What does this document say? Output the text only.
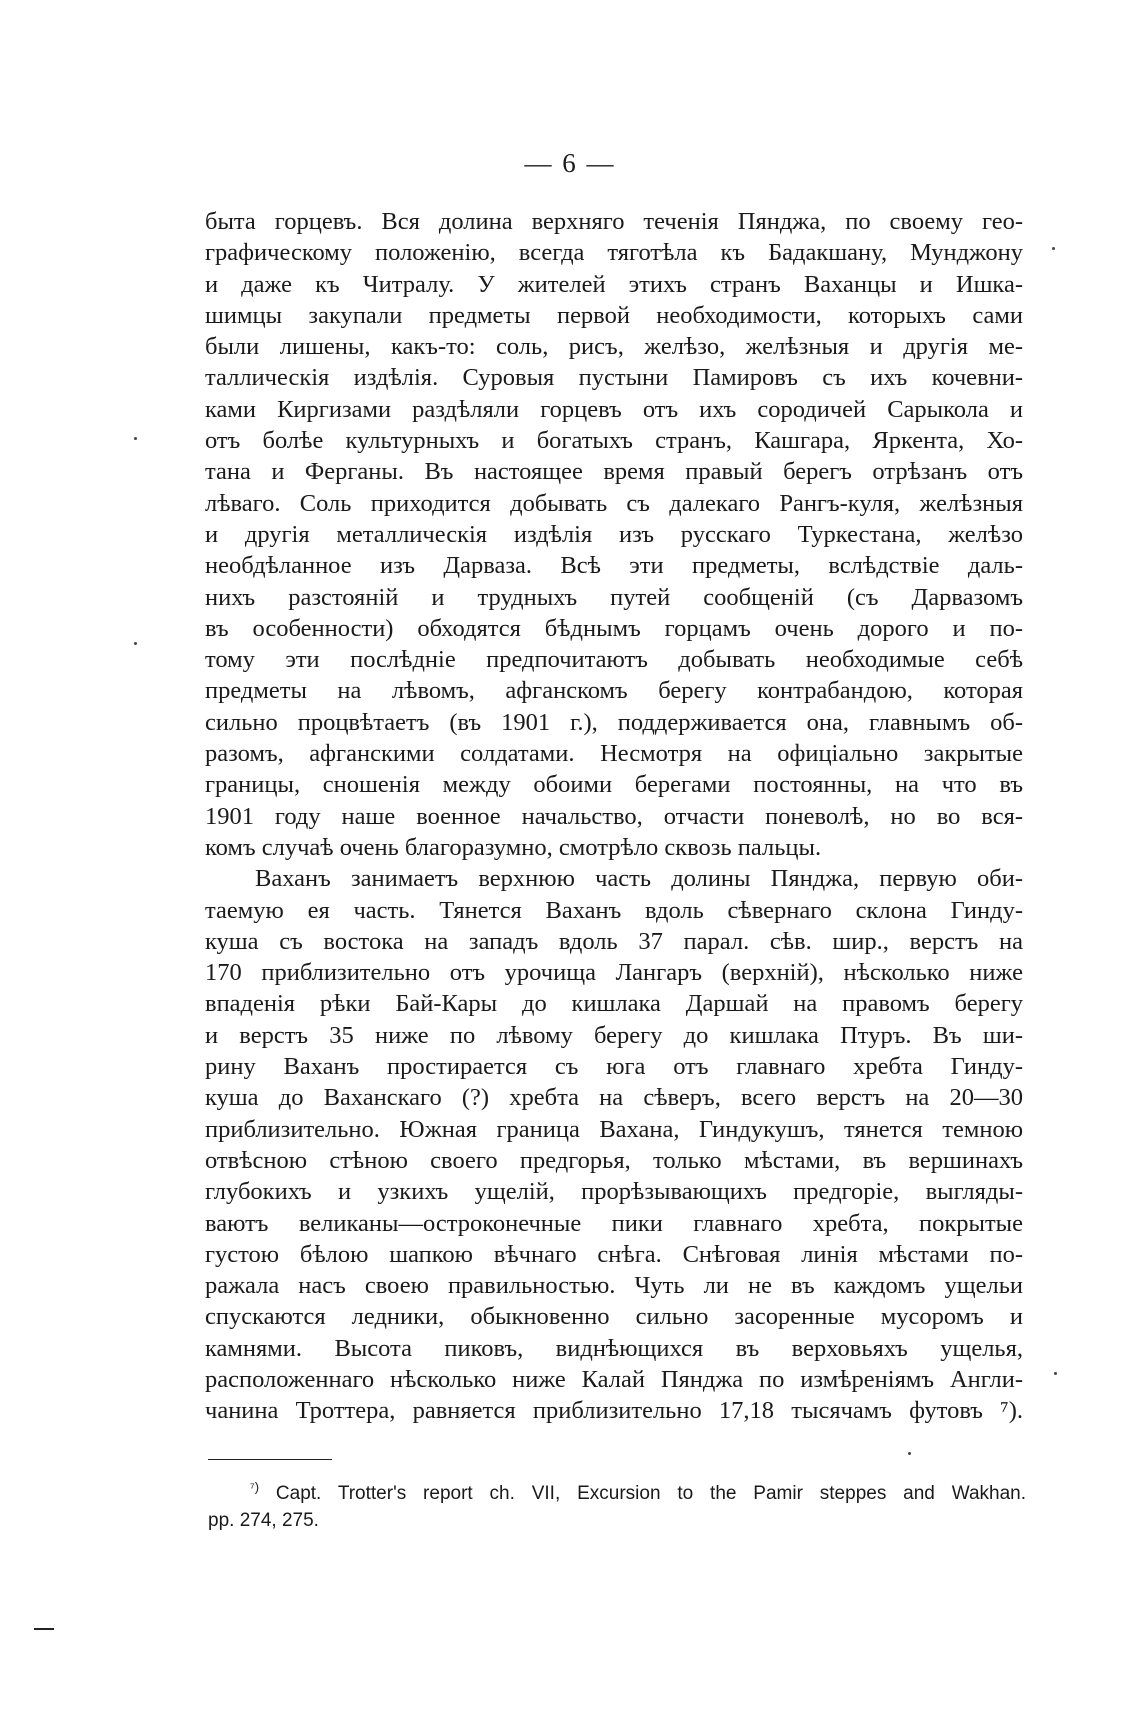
— 6 —
быта горцевъ. Вся долина верхняго теченія Пянджа, по своему гео-
графическому положенію, всегда тяготѣла къ Бадакшану, Мунджону
и даже къ Читралу. У жителей этихъ странъ Ваханцы и Ишка-
шимцы закупали предметы первой необходимости, которыхъ сами
были лишены, какъ-то: соль, рисъ, желѣзо, желѣзныя и другія ме-
таллическія издѣлія. Суровыя пустыни Памировъ съ ихъ кочевни-
ками Киргизами раздѣляли горцевъ отъ ихъ сородичей Сарыкола и
отъ болѣе культурныхъ и богатыхъ странъ, Кашгара, Яркента, Хо-
тана и Ферганы. Въ настоящее время правый берегъ отрѣзанъ отъ
лѣваго. Соль приходится добывать съ далекаго Рангъ-куля, желѣзныя
и другія металлическія издѣлія изъ русскаго Туркестана, желѣзо
необдѣланное изъ Дарваза. Всѣ эти предметы, вслѣдствіе даль-
нихъ разстояній и трудныхъ путей сообщеній (съ Дарвазомъ
въ особенности) обходятся бѣднымъ горцамъ очень дорого и по-
тому эти послѣдніе предпочитаютъ добывать необходимые себѣ
предметы на лѣвомъ, афганскомъ берегу контрабандою, которая
сильно процвѣтаетъ (въ 1901 г.), поддерживается она, главнымъ об-
разомъ, афганскими солдатами. Несмотря на офиціально закрытые
границы, сношенія между обоими берегами постоянны, на что въ
1901 году наше военное начальство, отчасти поневолѣ, но во вся-
комъ случаѣ очень благоразумно, смотрѣло сквозь пальцы.
Ваханъ занимаетъ верхнюю часть долины Пянджа, первую оби-
таемую ея часть. Тянется Ваханъ вдоль сѣвернаго склона Гинду-
куша съ востока на западъ вдоль 37 парал. сѣв. шир., верстъ на
170 приблизительно отъ урочища Лангаръ (верхній), нѣсколько ниже
впаденія рѣки Бай-Кары до кишлака Даршай на правомъ берегу
и верстъ 35 ниже по лѣвому берегу до кишлака Птуръ. Въ ши-
рину Ваханъ простирается съ юга отъ главнаго хребта Гинду-
куша до Ваханскаго (?) хребта на сѣверъ, всего верстъ на 20—30
приблизительно. Южная граница Вахана, Гиндукушъ, тянется темною
отвѣсною стѣною своего предгорья, только мѣстами, въ вершинахъ
глубокихъ и узкихъ ущелій, прорѣзывающихъ предгоріе, выгляды-
ваютъ великаны—остроконечные пики главнаго хребта, покрытые
густою бѣлою шапкою вѣчнаго снѣга. Снѣговая линія мѣстами по-
ражала насъ своею правильностью. Чуть ли не въ каждомъ ущельи
спускаются ледники, обыкновенно сильно засоренные мусоромъ и
камнями. Высота пиковъ, виднѣющихся въ верховьяхъ ущелья,
расположеннаго нѣсколько ниже Калай Пянджа по измѣреніямъ Англи-
чанина Троттера, равняется приблизительно 17,18 тысячамъ футовъ ⁷).
$^{^7)}$ Capt. Trotter's report ch. VII, Excursion to the Pamir steppes and Wakhan.
pp. 274, 275.
